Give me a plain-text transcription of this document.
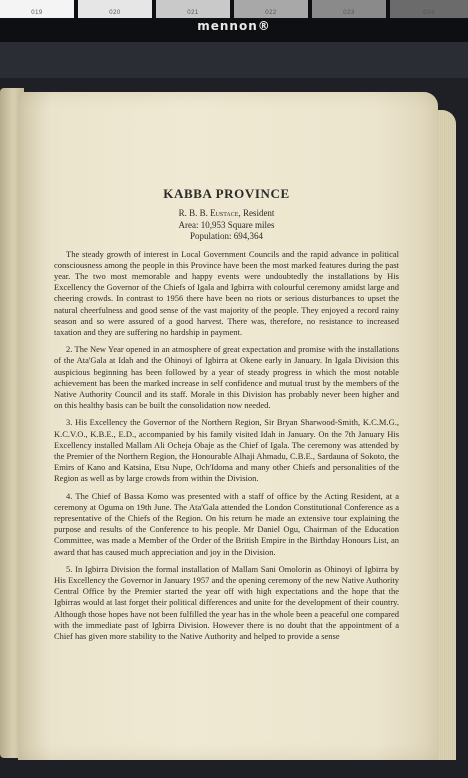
019	020	021	022	023	024
mennon®
KABBA PROVINCE
R. B. B. Eustace, Resident
Area: 10,953 Square miles
Population: 694,364

The steady growth of interest in Local Government Councils and the rapid advance in political consciousness among the people in this Province have been the most marked features during the past year. The two most memorable and happy events were undoubtedly the installations by His Excellency the Governor of the Chiefs of Igala and Igbirra with colourful ceremony amidst large and cheering crowds. In contrast to 1956 there have been no riots or serious disturbances to upset the natural cheerfulness and good sense of the vast majority of the people. They enjoyed a record rainy season and so were assured of a good harvest. There was, therefore, no resistance to increased taxation and they are suffering no hardship in payment.

2. The New Year opened in an atmosphere of great expectation and promise with the installations of the Ata'Gala at Idah and the Ohinoyi of Igbirra at Okene early in January. In Igala Division this auspicious beginning has been followed by a year of steady progress in which the most notable achievement has been the marked increase in self confidence and mutual trust by the members of the Native Authority Council and its staff. Morale in this Division has probably never been higher and on this healthy basis can be built the consolidation now needed.

3. His Excellency the Governor of the Northern Region, Sir Bryan Sharwood-Smith, K.C.M.G., K.C.V.O., K.B.E., E.D., accompanied by his family visited Idah in January. On the 7th January His Excellency installed Mallam Ali Ocheja Obaje as the Chief of Igala. The ceremony was attended by the Premier of the Northern Region, the Honourable Alhaji Ahmadu, C.B.E., Sardauna of Sokoto, the Emirs of Kano and Katsina, Etsu Nupe, Och'Idoma and many other Chiefs and personalities of the Region as well as by large crowds from within the Division.

4. The Chief of Bassa Komo was presented with a staff of office by the Acting Resident, at a ceremony at Oguma on 19th June. The Ata'Gala attended the London Constitutional Conference as a representative of the Chiefs of the Region. On his return he made an extensive tour explaining the purpose and results of the Conference to his people. Mr Daniel Ogu, Chairman of the Education Committee, was made a Member of the Order of the British Empire in the Birthday Honours List, an award that has caused much appreciation and joy in the Division.

5. In Igbirra Division the formal installation of Mallam Sani Omolorin as Ohinoyi of Igbirra by His Excellency the Governor in January 1957 and the opening ceremony of the new Native Authority Central Office by the Premier started the year off with high expectations and the hope that the Igbirras would at last forget their political differences and unite for the development of their country. Although those hopes have not been fulfilled the year has in the whole been a peaceful one compared with the immediate past of Igbirra Division. However there is no doubt that the appointment of a Chief has given more stability to the Native Authority and helped to provide a sense
